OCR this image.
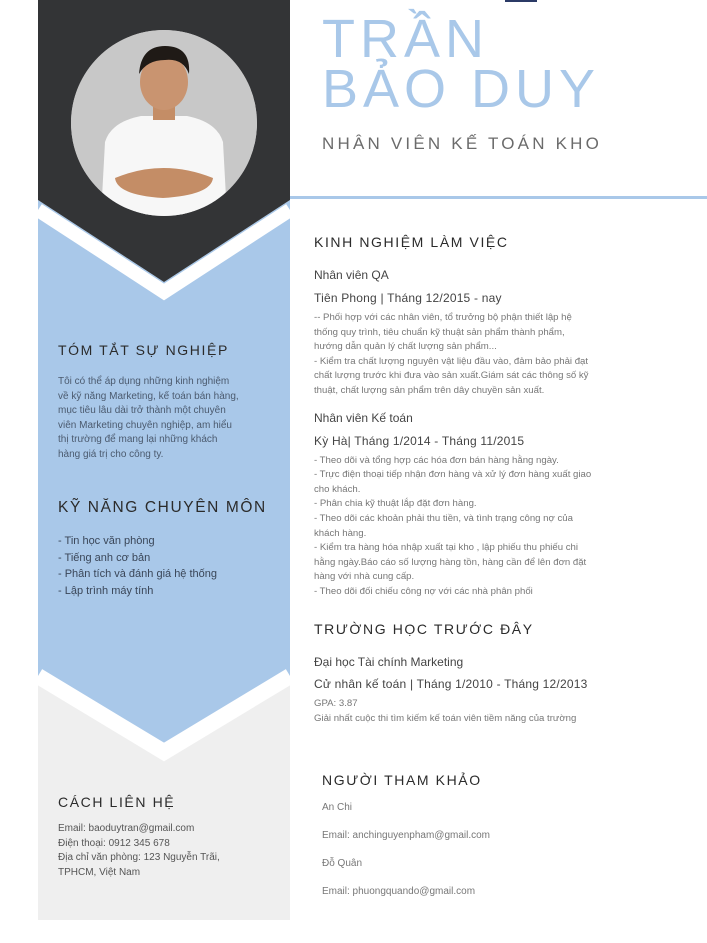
TÓM TẮT SỰ NGHIỆP

Tôi có thể áp dụng những kinh nghiệm

về kỹ năng Marketing, kế toán bán hàng,

mục tiêu lâu dài trở thành một chuyên

viên Marketing chuyên nghiệp, am hiểu

thị trường để mang lại những khách

hàng giá trị cho công ty.

KỸ NĂNG CHUYÊN MÔN
- Tin học văn phòng
- Tiếng anh cơ bản
- Phân tích và đánh giá hệ thống
- Lập trình máy tính
CÁCH LIÊN HỆ

Email: baoduytran@gmail.com

Điện thoại: 0912 345 678

Địa chỉ văn phòng: 123 Nguyễn Trãi,

TPHCM, Việt Nam

TRẦN
BẢO DUY
NHÂN VIÊN KẾ TOÁN KHO
KINH NGHIỆM LÀM VIỆC

Nhân viên QA

Tiên Phong | Tháng 12/2015 - nay

-- Phối hợp với các nhân viên, tổ trưởng bộ phận thiết lập hệ

thống quy trình, tiêu chuẩn kỹ thuật sản phẩm thành phẩm,

hướng dẫn quản lý chất lượng sản phẩm...

- Kiểm tra chất lượng nguyên vật liệu đầu vào, đảm bảo phải đạt

chất lượng trước khi đưa vào sản xuất.Giám sát các thông số kỹ

thuật, chất lượng sản phẩm trên dây chuyền sản xuất.

Nhân viên Kế toán

Kỳ Hà| Tháng 1/2014 - Tháng 11/2015

- Theo dõi và tổng hợp các hóa đơn bán hàng hằng ngày.

- Trực điện thoại tiếp nhận đơn hàng và xử lý đơn hàng xuất giao

cho khách.

- Phân chia kỹ thuật lắp đặt đơn hàng.

- Theo dõi các khoản phải thu tiền, và tình trạng công nợ của

khách hàng.

- Kiểm tra hàng hóa nhập xuất tại kho , lập phiếu thu phiếu chi

hằng ngày.Báo cáo số lượng hàng tồn, hàng cần để lên đơn đặt

hàng với nhà cung cấp.

- Theo dõi đối chiếu công nợ với các nhà phân phối

TRƯỜNG HỌC TRƯỚC ĐÂY

Đại học Tài chính Marketing

Cử nhân kế toán | Tháng 1/2010 - Tháng 12/2013

GPA: 3.87

Giải nhất cuộc thi tìm kiếm kế toán viên tiềm năng của trường

NGƯỜI THAM KHẢO

An Chi

Email: anchinguyenpham@gmail.com

Đỗ Quân

Email: phuongquando@gmail.com
